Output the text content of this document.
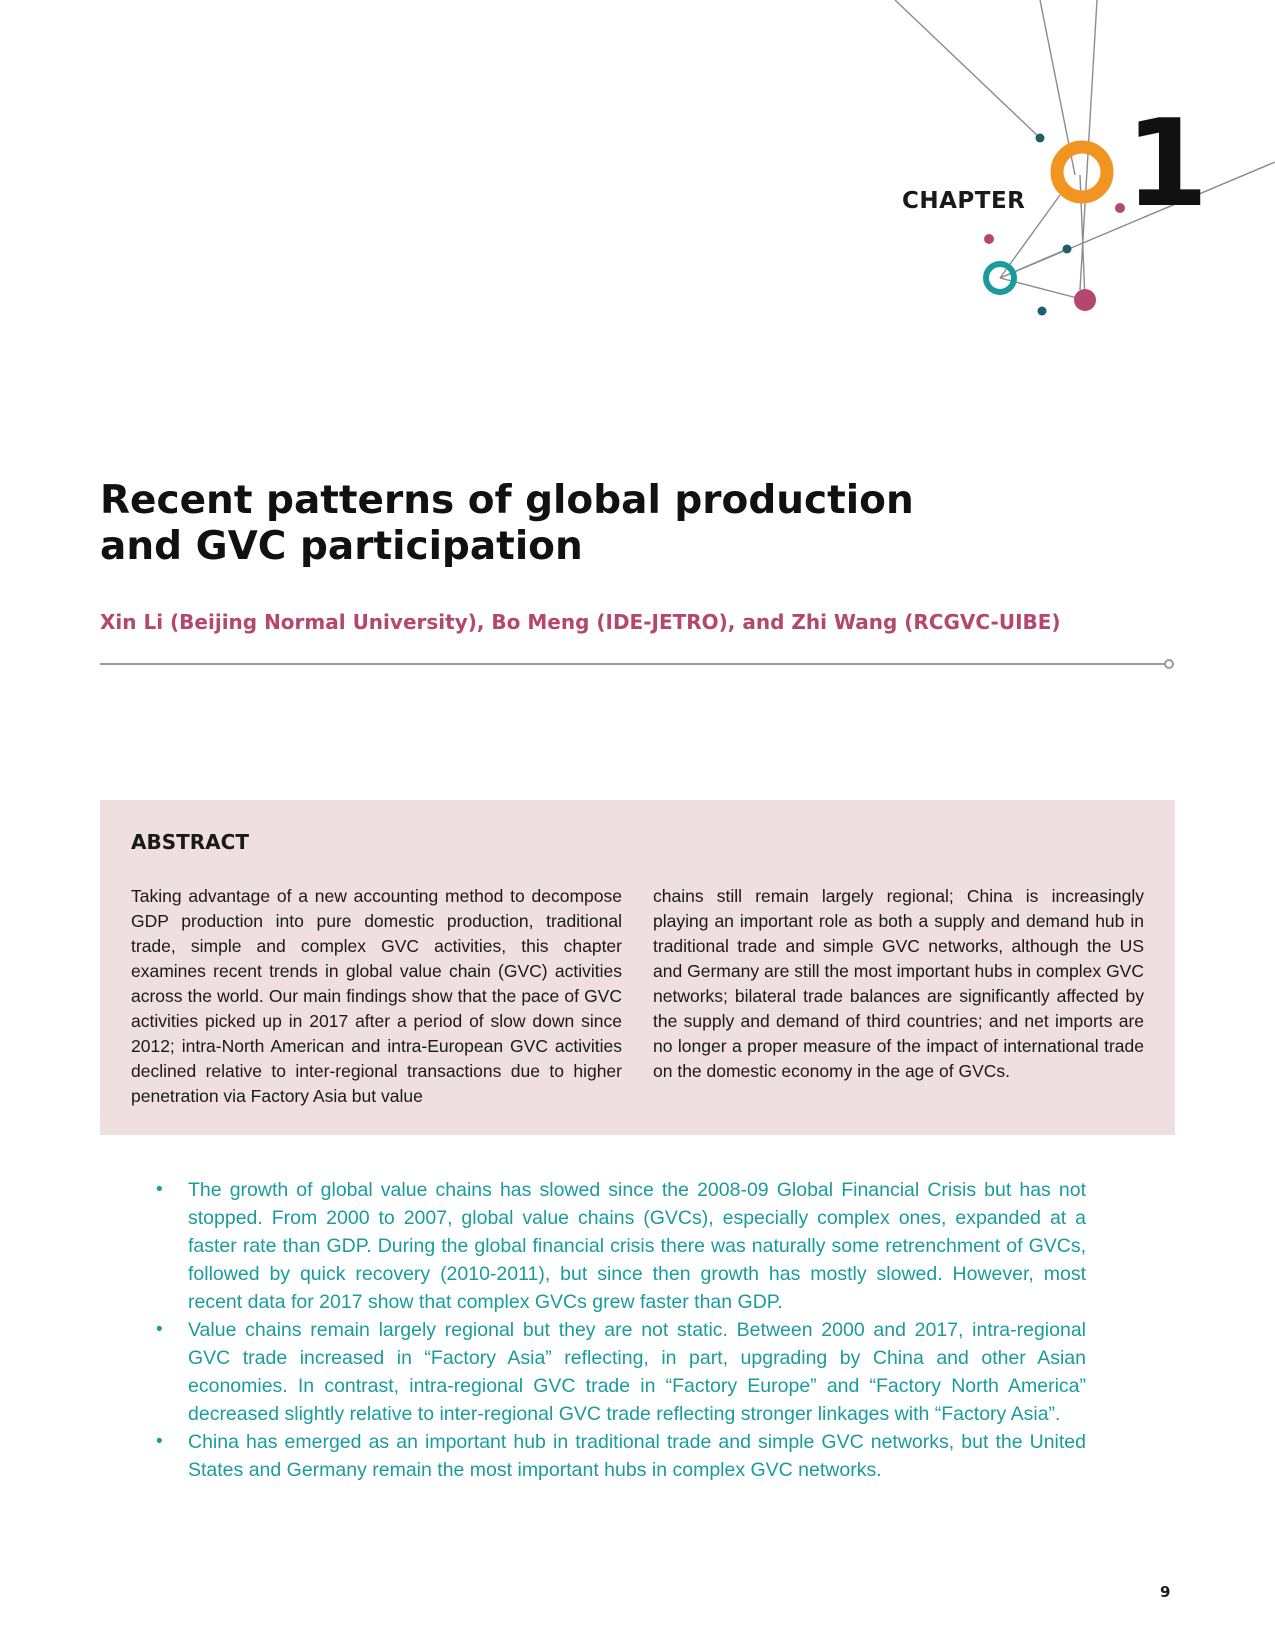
CHAPTER 1

Recent patterns of global production
and GVC participation

Xin Li (Beijing Normal University), Bo Meng (IDE-JETRO), and Zhi Wang (RCGVC-UIBE)

ABSTRACT

Taking advantage of a new accounting method to decompose GDP production into pure domestic production, traditional trade, simple and complex GVC activities, this chapter examines recent trends in global value chain (GVC) activities across the world. Our main findings show that the pace of GVC activities picked up in 2017 after a period of slow down since 2012; intra-North American and intra-European GVC activities declined relative to inter-regional transactions due to higher penetration via Factory Asia but value

chains still remain largely regional; China is increasingly playing an important role as both a supply and demand hub in traditional trade and simple GVC networks, although the US and Germany are still the most important hubs in complex GVC networks; bilateral trade balances are significantly affected by the supply and demand of third countries; and net imports are no longer a proper measure of the impact of international trade on the domestic economy in the age of GVCs.

• The growth of global value chains has slowed since the 2008-09 Global Financial Crisis but has not stopped. From 2000 to 2007, global value chains (GVCs), especially complex ones, expanded at a faster rate than GDP. During the global financial crisis there was naturally some retrenchment of GVCs, followed by quick recovery (2010-2011), but since then growth has mostly slowed. However, most recent data for 2017 show that complex GVCs grew faster than GDP.
• Value chains remain largely regional but they are not static. Between 2000 and 2017, intra-regional GVC trade increased in “Factory Asia” reflecting, in part, upgrading by China and other Asian economies. In contrast, intra-regional GVC trade in “Factory Europe” and “Factory North America” decreased slightly relative to inter-regional GVC trade reflecting stronger linkages with “Factory Asia”.
• China has emerged as an important hub in traditional trade and simple GVC networks, but the United States and Germany remain the most important hubs in complex GVC networks.

9
